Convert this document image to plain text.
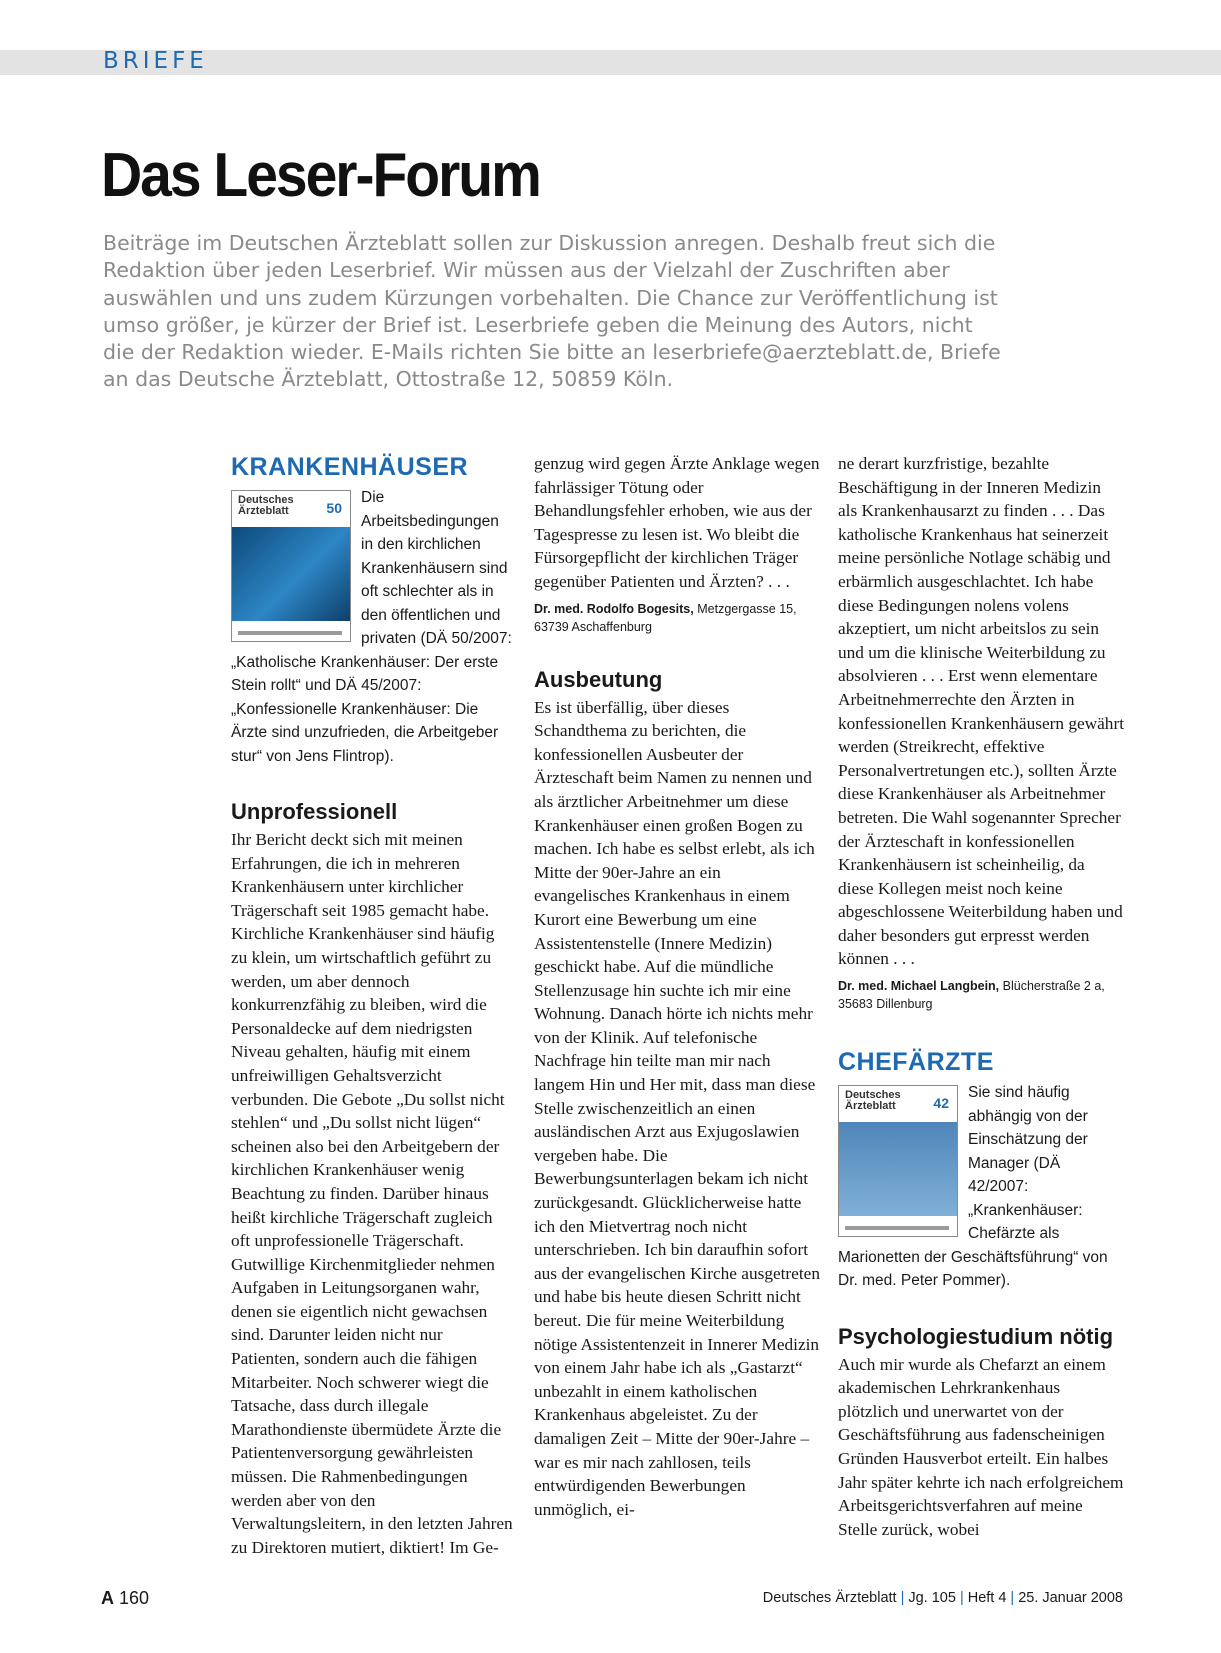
BRIEFE
Das Leser-Forum

Beiträge im Deutschen Ärzteblatt sollen zur Diskussion anregen. Deshalb freut sich die Redaktion über jeden Leserbrief. Wir müssen aus der Vielzahl der Zuschriften aber auswählen und uns zudem Kürzungen vorbehalten. Die Chance zur Veröffentlichung ist umso größer, je kürzer der Brief ist. Leserbriefe geben die Meinung des Autors, nicht die der Redaktion wieder. E-Mails richten Sie bitte an leserbriefe@aerzteblatt.de, Briefe an das Deutsche Ärzteblatt, Ottostraße 12, 50859 Köln.

KRANKENHÄUSER
Deutsches
Ärzteblatt	50

Die Arbeitsbedingungen in den kirchlichen Krankenhäusern sind oft schlechter als in den öffentlichen und privaten (DÄ 50/2007: „Katholische Krankenhäuser: Der erste Stein rollt“ und DÄ 45/2007: „Konfessionelle Krankenhäuser: Die Ärzte sind unzufrieden, die Arbeitgeber stur“ von Jens Flintrop).

Unprofessionell

Ihr Bericht deckt sich mit meinen Erfahrungen, die ich in mehreren Krankenhäusern unter kirchlicher Trägerschaft seit 1985 gemacht habe. Kirchliche Krankenhäuser sind häufig zu klein, um wirtschaftlich geführt zu werden, um aber dennoch konkurrenzfähig zu bleiben, wird die Personaldecke auf dem niedrigsten Niveau gehalten, häufig mit einem unfreiwilligen Gehaltsverzicht verbunden. Die Gebote „Du sollst nicht stehlen“ und „Du sollst nicht lügen“ scheinen also bei den Arbeitgebern der kirchlichen Krankenhäuser wenig Beachtung zu finden. Darüber hinaus heißt kirchliche Trägerschaft zugleich oft unprofessionelle Trägerschaft. Gutwillige Kirchenmitglieder nehmen Aufgaben in Leitungsorganen wahr, denen sie eigentlich nicht gewachsen sind. Darunter leiden nicht nur Patienten, sondern auch die fähigen Mitarbeiter. Noch schwerer wiegt die Tatsache, dass durch illegale Marathondienste übermüdete Ärzte die Patientenversorgung gewährleisten müssen. Die Rahmenbedingungen werden aber von den Verwaltungsleitern, in den letzten Jahren zu Direktoren mutiert, diktiert! Im Ge-

genzug wird gegen Ärzte Anklage wegen fahrlässiger Tötung oder Behandlungsfehler erhoben, wie aus der Tagespresse zu lesen ist. Wo bleibt die Fürsorgepflicht der kirchlichen Träger gegenüber Patienten und Ärzten? . . .

Dr. med. Rodolfo Bogesits, Metzgergasse 15, 63739 Aschaffenburg

Ausbeutung

Es ist überfällig, über dieses Schandthema zu berichten, die konfessionellen Ausbeuter der Ärzteschaft beim Namen zu nennen und als ärztlicher Arbeitnehmer um diese Krankenhäuser einen großen Bogen zu machen. Ich habe es selbst erlebt, als ich Mitte der 90er-Jahre an ein evangelisches Krankenhaus in einem Kurort eine Bewerbung um eine Assistentenstelle (Innere Medizin) geschickt habe. Auf die mündliche Stellenzusage hin suchte ich mir eine Wohnung. Danach hörte ich nichts mehr von der Klinik. Auf telefonische Nachfrage hin teilte man mir nach langem Hin und Her mit, dass man diese Stelle zwischenzeitlich an einen ausländischen Arzt aus Exjugoslawien vergeben habe. Die Bewerbungsunterlagen bekam ich nicht zurückgesandt. Glücklicherweise hatte ich den Mietvertrag noch nicht unterschrieben. Ich bin daraufhin sofort aus der evangelischen Kirche ausgetreten und habe bis heute diesen Schritt nicht bereut. Die für meine Weiterbildung nötige Assistentenzeit in Innerer Medizin von einem Jahr habe ich als „Gastarzt“ unbezahlt in einem katholischen Krankenhaus abgeleistet. Zu der damaligen Zeit – Mitte der 90er-Jahre – war es mir nach zahllosen, teils entwürdigenden Bewerbungen unmöglich, ei-

ne derart kurzfristige, bezahlte Beschäftigung in der Inneren Medizin als Krankenhausarzt zu finden . . . Das katholische Krankenhaus hat seinerzeit meine persönliche Notlage schäbig und erbärmlich ausgeschlachtet. Ich habe diese Bedingungen nolens volens akzeptiert, um nicht arbeitslos zu sein und um die klinische Weiterbildung zu absolvieren . . . Erst wenn elementare Arbeitnehmerrechte den Ärzten in konfessionellen Krankenhäusern gewährt werden (Streikrecht, effektive Personalvertretungen etc.), sollten Ärzte diese Krankenhäuser als Arbeitnehmer betreten. Die Wahl sogenannter Sprecher der Ärzteschaft in konfessionellen Krankenhäusern ist scheinheilig, da diese Kollegen meist noch keine abgeschlossene Weiterbildung haben und daher besonders gut erpresst werden können . . .

Dr. med. Michael Langbein, Blücherstraße 2 a, 35683 Dillenburg

CHEFÄRZTE
Deutsches
Ärzteblatt	42

Sie sind häufig abhängig von der Einschätzung der Manager (DÄ 42/2007: „Krankenhäuser: Chefärzte als Marionetten der Geschäftsführung“ von Dr. med. Peter Pommer).

Psychologiestudium nötig

Auch mir wurde als Chefarzt an einem akademischen Lehrkrankenhaus plötzlich und unerwartet von der Geschäftsführung aus fadenscheinigen Gründen Hausverbot erteilt. Ein halbes Jahr später kehrte ich nach erfolgreichem Arbeitsgerichtsverfahren auf meine Stelle zurück, wobei

A 160	Deutsches Ärzteblatt | Jg. 105 | Heft 4 | 25. Januar 2008
